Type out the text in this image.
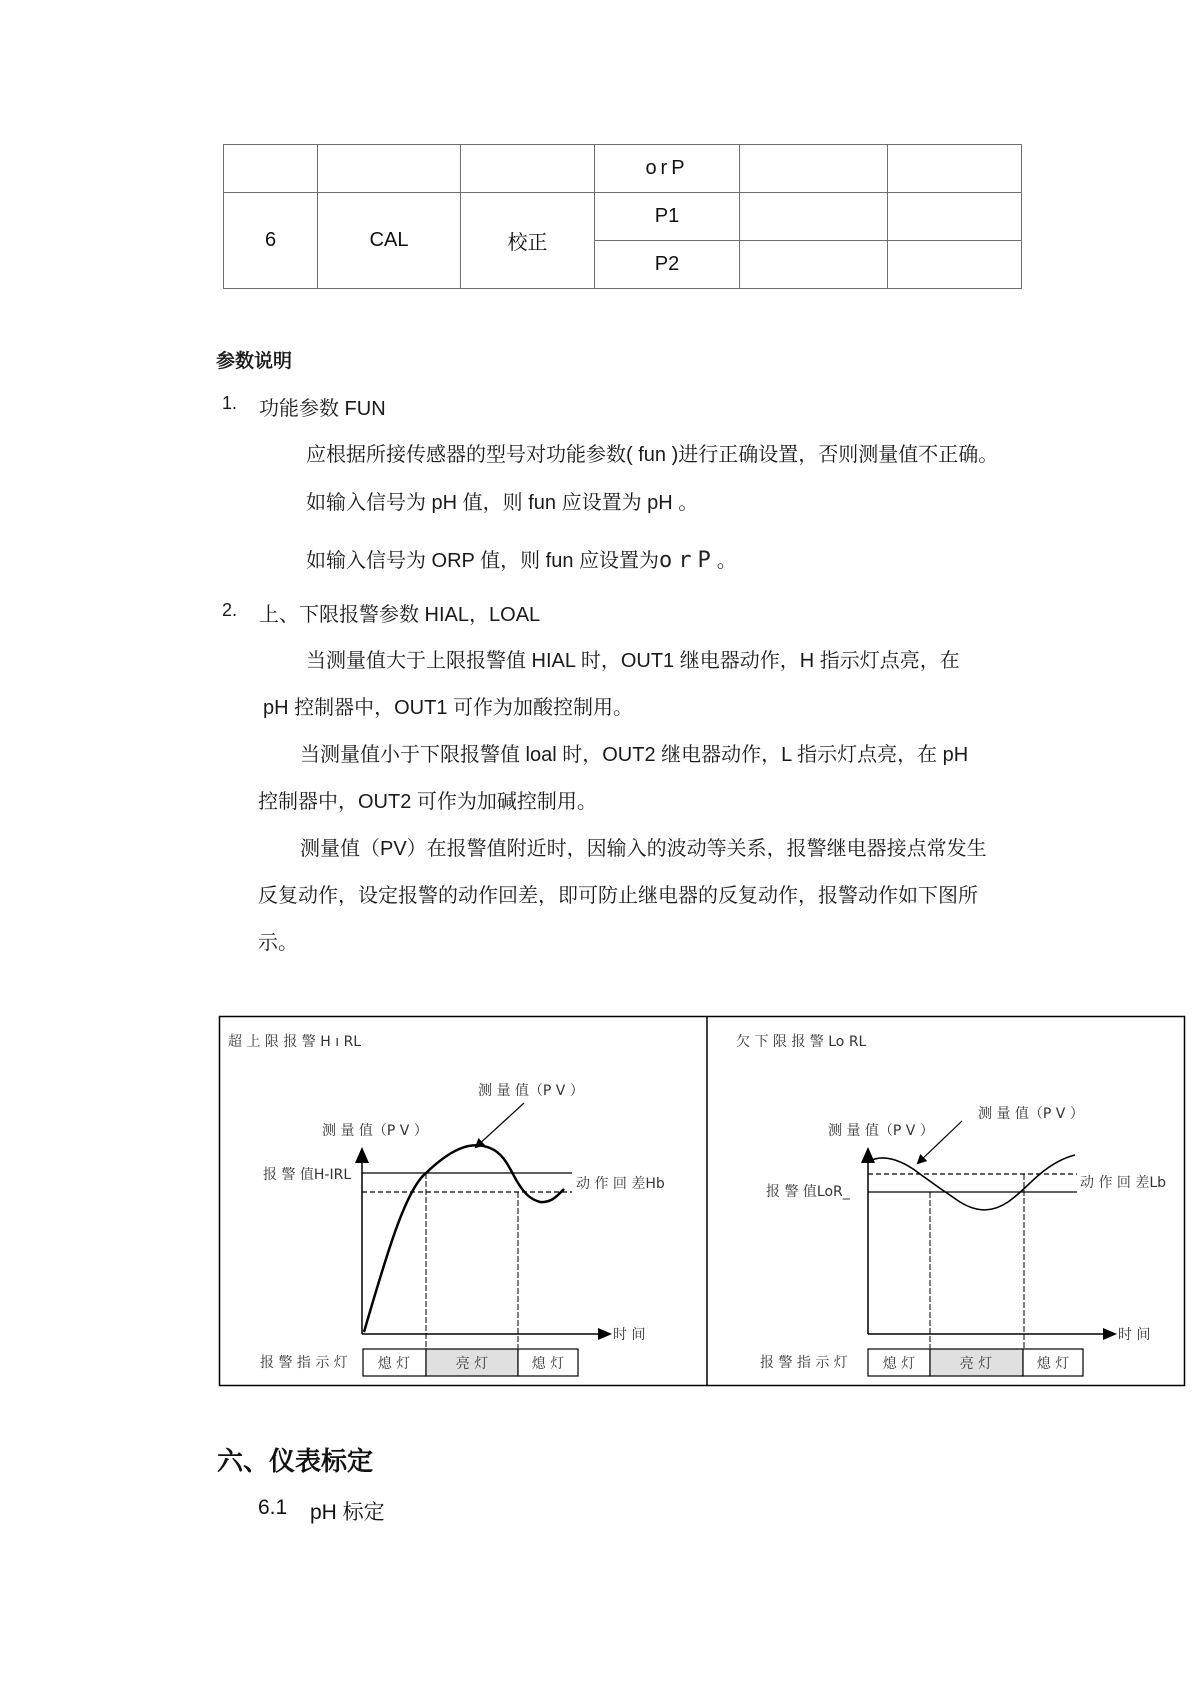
			orP		
6	CAL	校正	P1		
			P2		
参数说明
1. 功能参数 FUN
应根据所接传感器的型号对功能参数( fun )进行正确设置，否则测量值不正确。
如输入信号为 pH 值，则 fun 应设置为 pH 。
如输入信号为 ORP 值，则 fun 应设置为orP。
2. 上、下限报警参数 HIAL，LOAL
当测量值大于上限报警值 HIAL 时，OUT1 继电器动作，H 指示灯点亮，在
pH 控制器中，OUT1 可作为加酸控制用。
当测量值小于下限报警值 loal 时，OUT2 继电器动作，L 指示灯点亮，在 pH
控制器中，OUT2 可作为加碱控制用。
测量值（PV）在报警值附近时，因输入的波动等关系，报警继电器接点常发生
反复动作，设定报警的动作回差，即可防止继电器的反复动作，报警动作如下图所
示。
超 上 限 报 警 H ı RL
测 量 值（P V ）
测 量 值（P V ）
报 警 值H-IRL
动 作 回 差Hb
时 间
报 警 指 示 灯 熄 灯	亮 灯	熄 灯
欠 下 限 报 警 Lo RL
测 量 值（P V ）
测 量 值（P V ）
报 警 值LoR_
动 作 回 差Lb
时 间
报 警 指 示 灯 熄 灯	亮 灯	熄 灯
六、仪表标定
6.1 pH 标定
